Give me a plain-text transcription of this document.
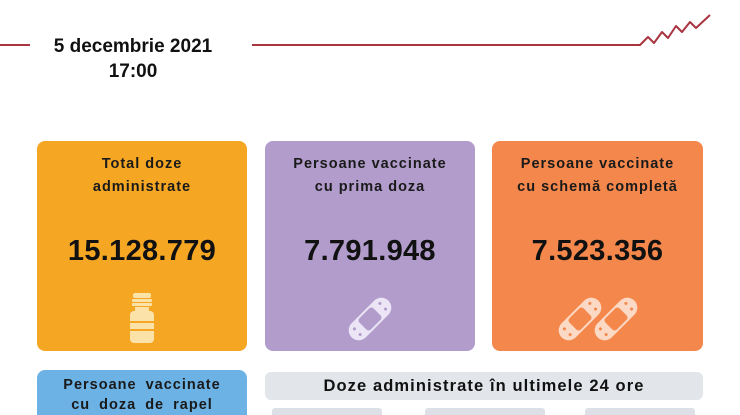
5 decembrie 2021
17:00
Total doze
administrate
15.128.779
Persoane vaccinate
cu prima doza
7.791.948
Persoane vaccinate
cu schemă completă
7.523.356
Persoane vaccinate
cu doza de rapel
Doze administrate în ultimele 24 ore
